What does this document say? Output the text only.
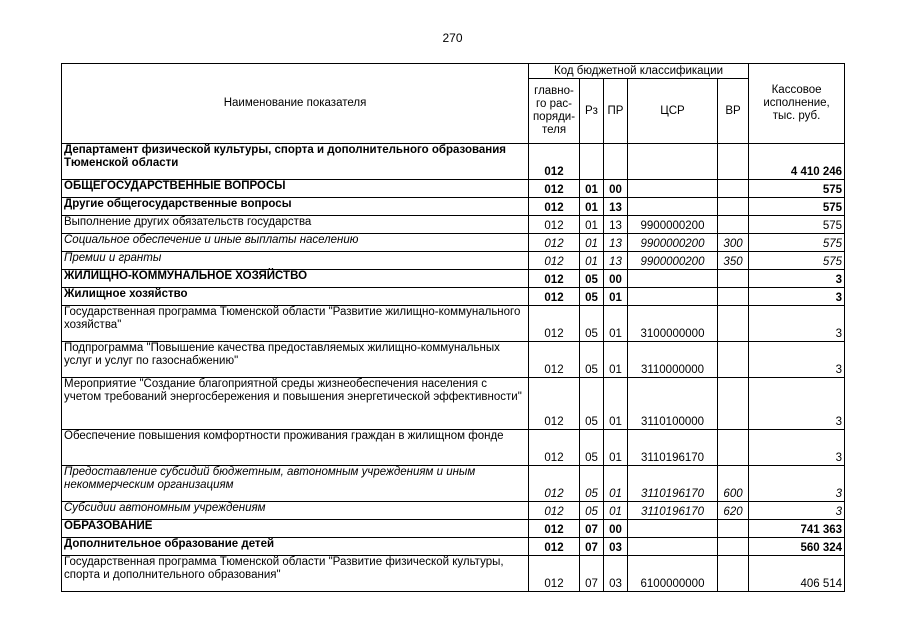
270
Наименование показателя	Код бюджетной классификации					Кассовое исполнение, тыс. руб.
	главно-го рас-поряди-теля	Рз	ПР	ЦСР	ВР	
Департамент физической культуры, спорта и дополнительного образования Тюменской области	012					4 410 246
ОБЩЕГОСУДАРСТВЕННЫЕ ВОПРОСЫ	012	01	00			575
Другие общегосударственные вопросы	012	01	13			575
Выполнение других обязательств государства	012	01	13	9900000200		575
Социальное обеспечение и иные выплаты населению	012	01	13	9900000200	300	575
Премии и гранты	012	01	13	9900000200	350	575
ЖИЛИЩНО-КОММУНАЛЬНОЕ ХОЗЯЙСТВО	012	05	00			3
Жилищное хозяйство	012	05	01			3
Государственная программа Тюменской области "Развитие жилищно-коммунального хозяйства"	012	05	01	3100000000		3
Подпрограмма "Повышение качества предоставляемых жилищно-коммунальных услуг и услуг по газоснабжению"	012	05	01	3110000000		3
Мероприятие "Создание благоприятной среды жизнеобеспечения населения с учетом требований энергосбережения и повышения энергетической эффективности"	012	05	01	3110100000		3
Обеспечение повышения комфортности проживания граждан в жилищном фонде	012	05	01	3110196170		3
Предоставление субсидий бюджетным, автономным учреждениям и иным некоммерческим организациям	012	05	01	3110196170	600	3
Субсидии автономным учреждениям	012	05	01	3110196170	620	3
ОБРАЗОВАНИЕ	012	07	00			741 363
Дополнительное образование детей	012	07	03			560 324
Государственная программа Тюменской области "Развитие физической культуры, спорта и дополнительного образования"	012	07	03	6100000000		406 514
